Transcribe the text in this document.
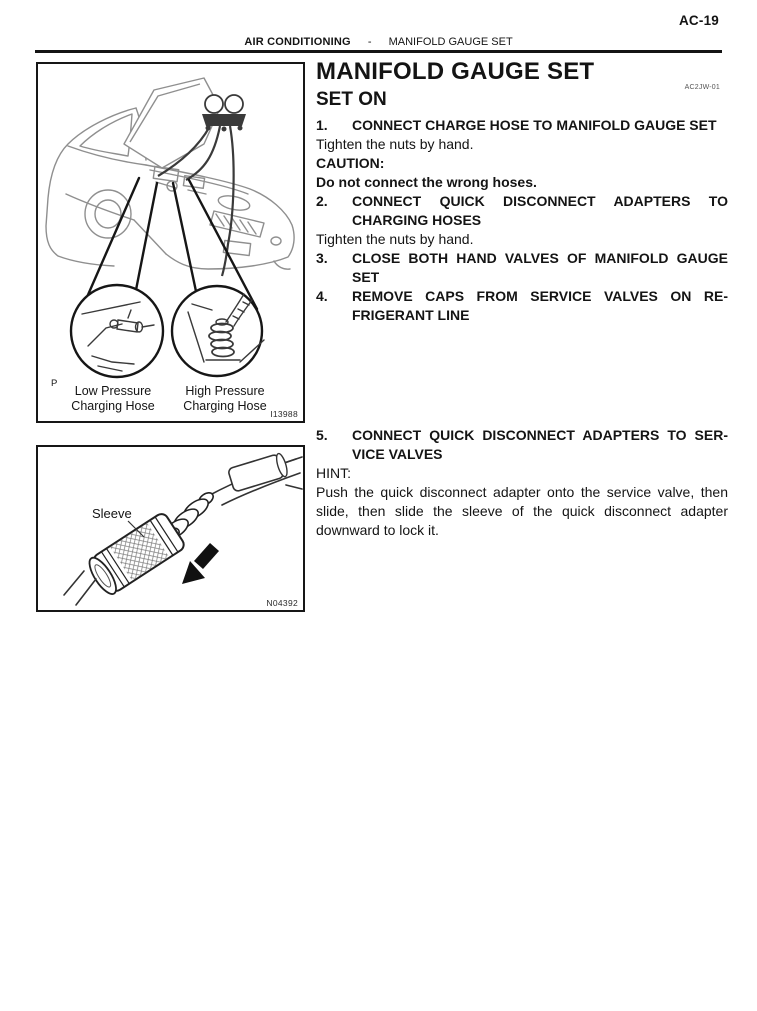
AC-19
AIR CONDITIONING - MANIFOLD GAUGE SET
P
Low Pressure Charging Hose
High Pressure Charging Hose
I13988
Sleeve
N04392
AC2JW-01
MANIFOLD GAUGE SET
SET ON
1. CONNECT CHARGE HOSE TO MANIFOLD GAUGE SET
Tighten the nuts by hand.
CAUTION:
Do not connect the wrong hoses.
2. CONNECT QUICK DISCONNECT ADAPTERS TO CHARGING HOSES
Tighten the nuts by hand.
3. CLOSE BOTH HAND VALVES OF MANIFOLD GAUGE SET
4. REMOVE CAPS FROM SERVICE VALVES ON RE-FRIGERANT LINE
5. CONNECT QUICK DISCONNECT ADAPTERS TO SER-VICE VALVES
HINT:
Push the quick disconnect adapter onto the service valve, then slide, then slide the sleeve of the quick disconnect adapter downward to lock it.
